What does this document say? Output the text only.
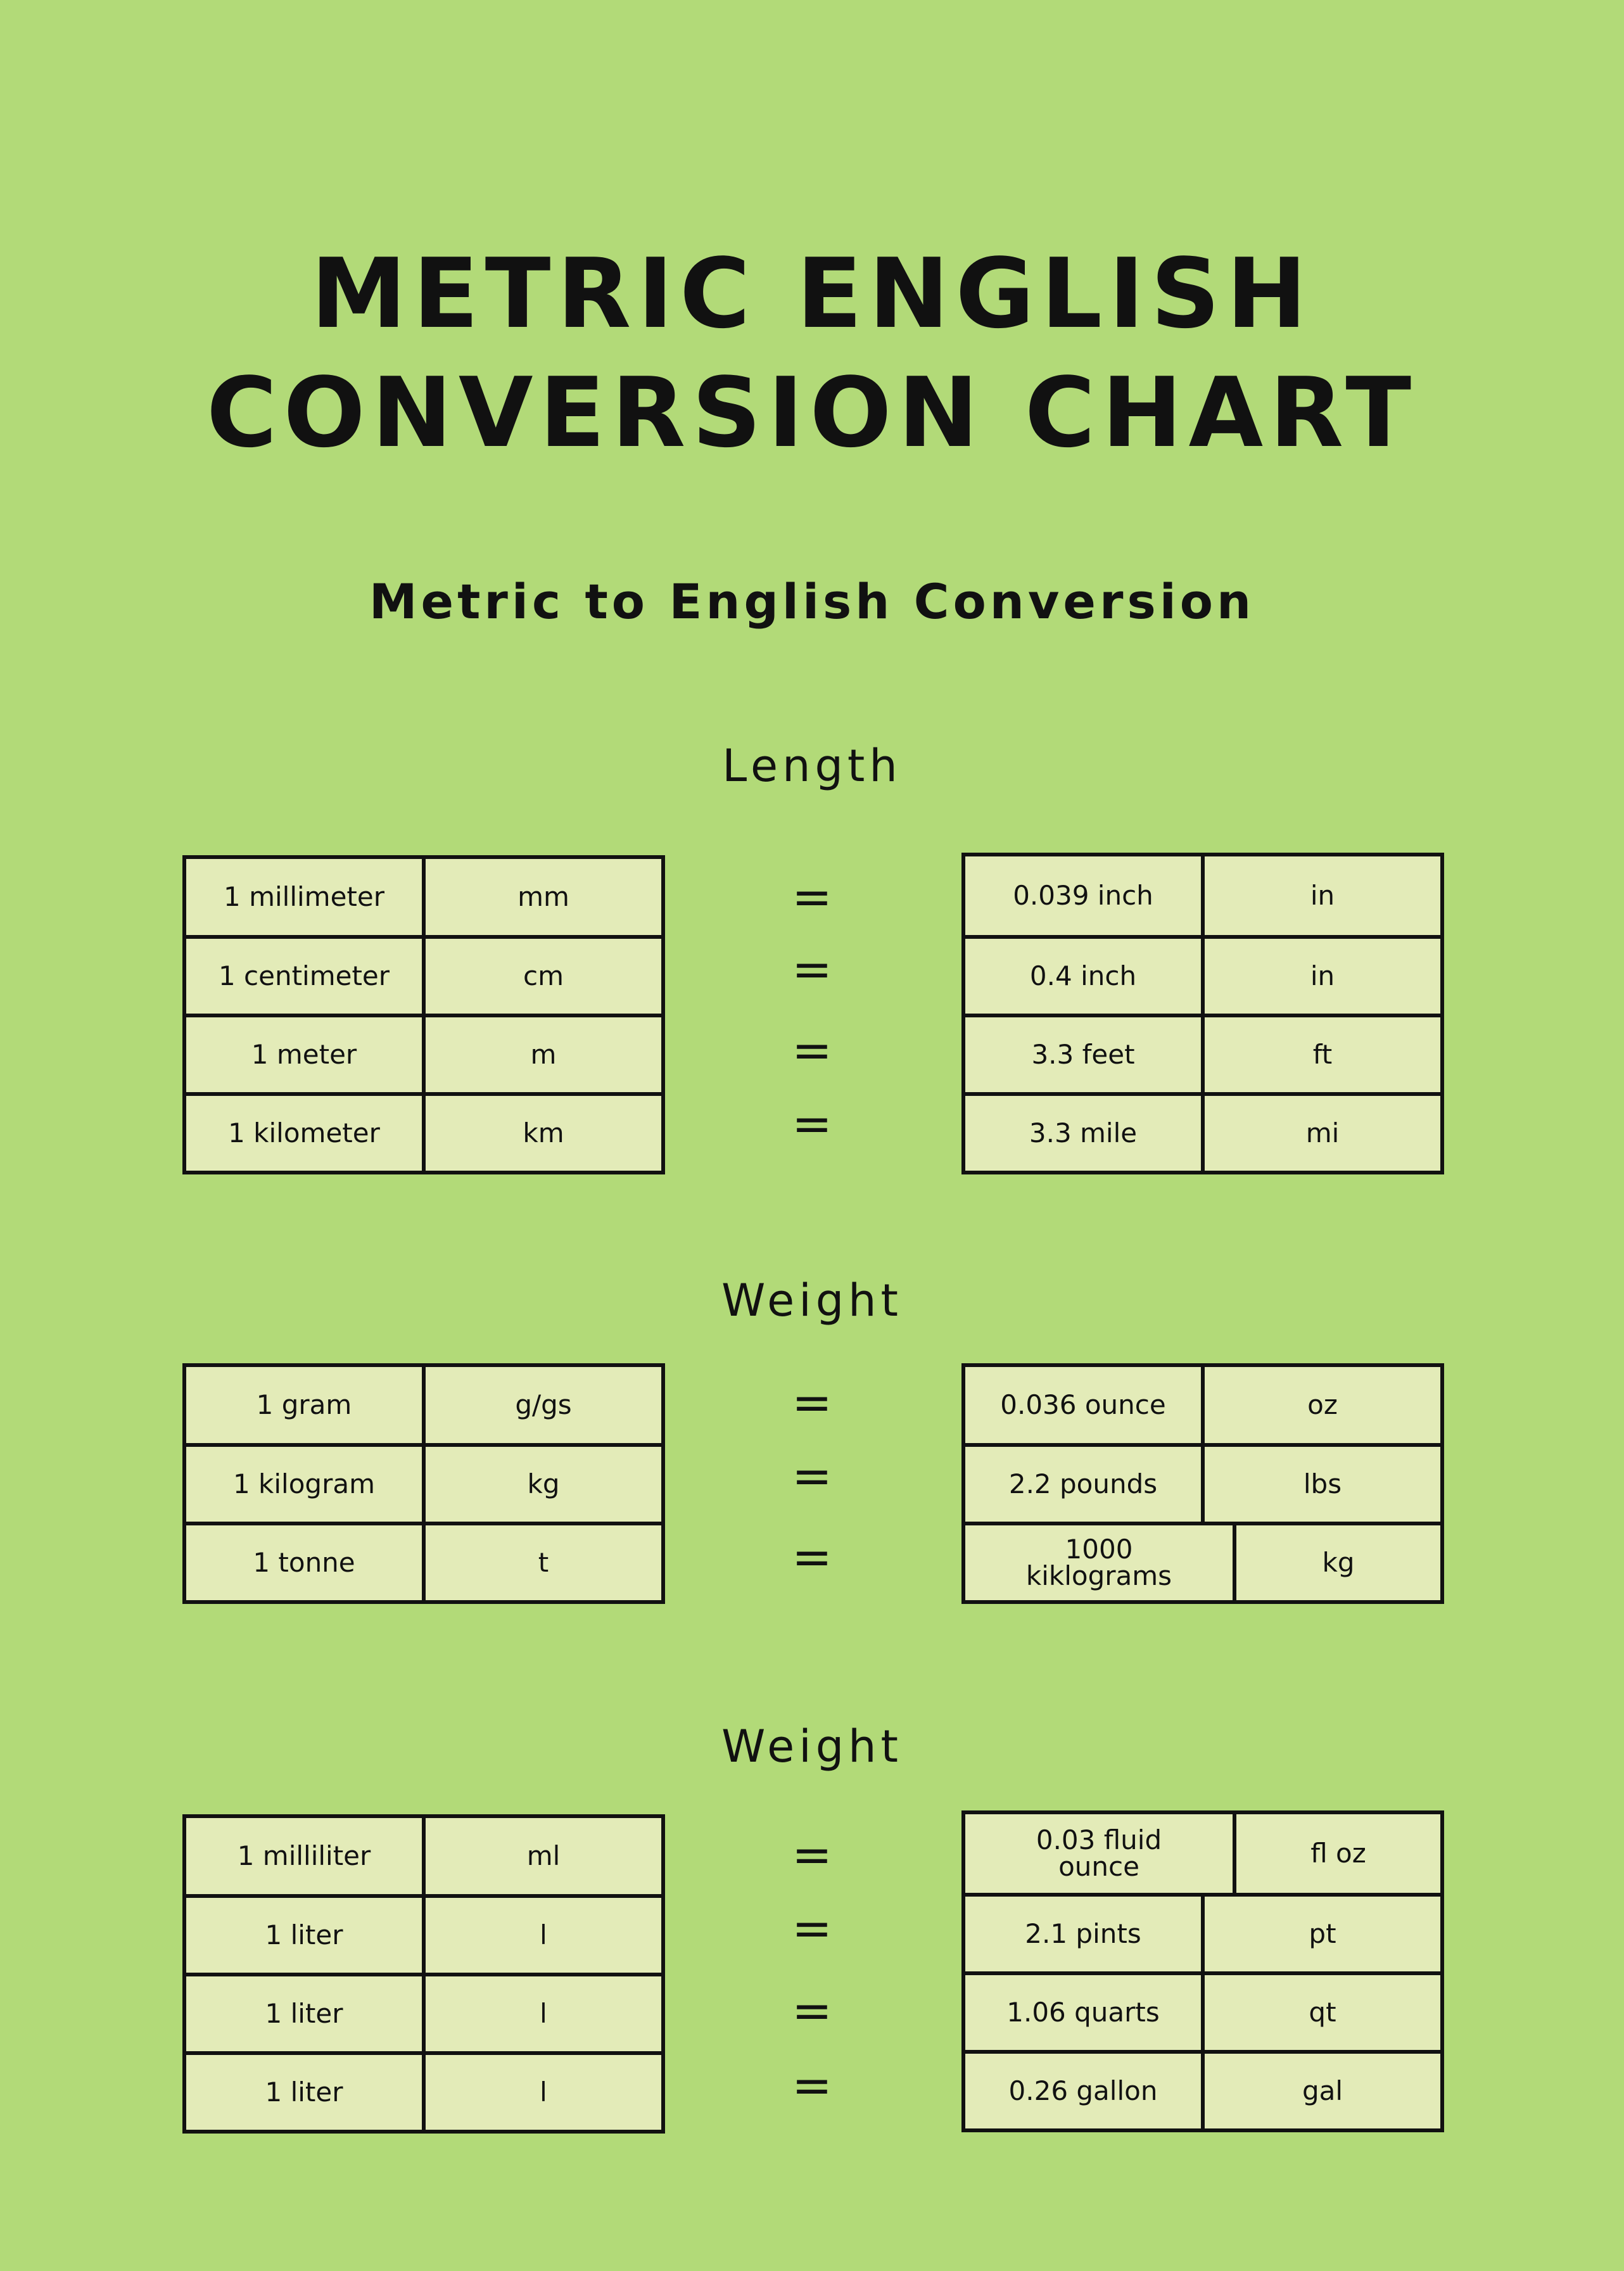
METRIC ENGLISH
CONVERSION CHART
Metric to English Conversion
Length
1 millimeter	mm
1 centimeter	cm
1 meter	m
1 kilometer	km
=
=
=
=
0.039 inch	in
0.4 inch	in
3.3 feet	ft
3.3 mile	mi
Weight
1 gram	g/gs
1 kilogram	kg
1 tonne	t
=
=
=
0.036 ounce	oz
2.2 pounds	lbs
1000 kiklograms	kg
Weight
1 milliliter	ml
1 liter	l
1 liter	l
1 liter	l
=
=
=
=
0.03 fluid ounce	fl oz
2.1 pints	pt
1.06 quarts	qt
0.26 gallon	gal
